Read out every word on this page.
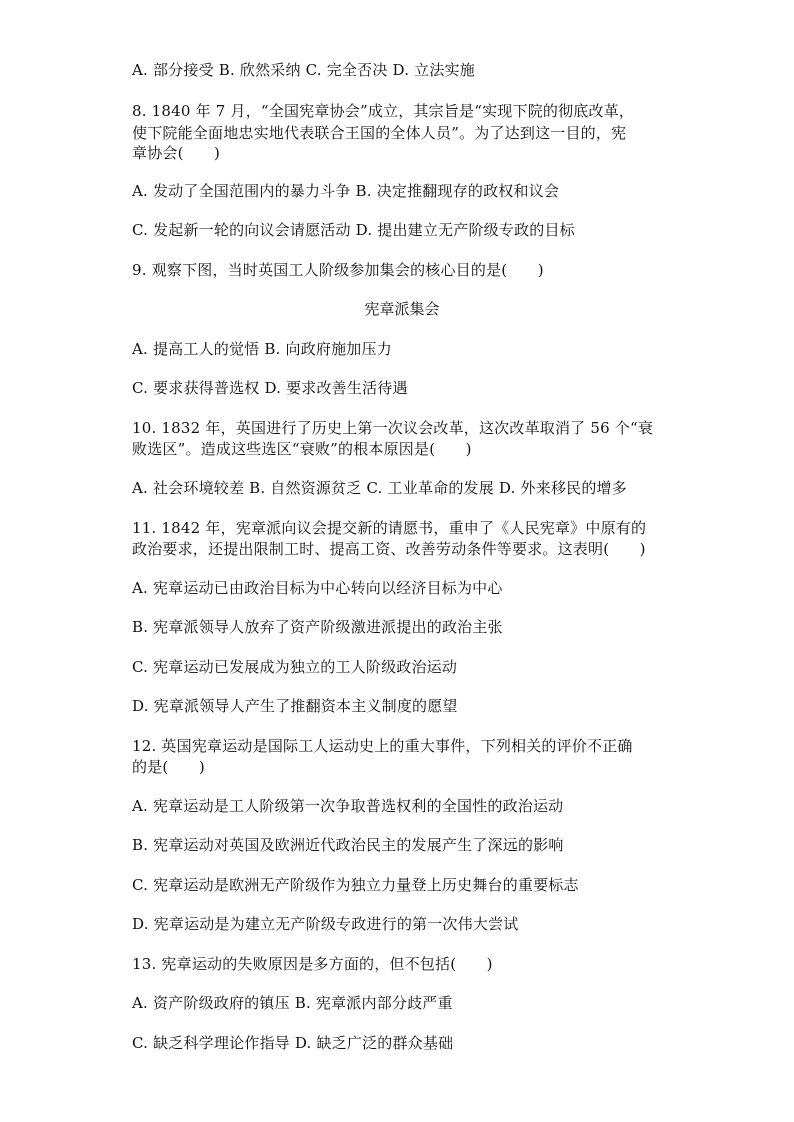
A. 部分接受 B. 欣然采纳 C. 完全否决 D. 立法实施
8. 1840 年 7 月，“全国宪章协会”成立，其宗旨是“实现下院的彻底改革，
使下院能全面地忠实地代表联合王国的全体人员”。为了达到这一目的，宪
章协会(　　)
A. 发动了全国范围内的暴力斗争 B. 决定推翻现存的政权和议会
C. 发起新一轮的向议会请愿活动 D. 提出建立无产阶级专政的目标
9. 观察下图，当时英国工人阶级参加集会的核心目的是(　　)
宪章派集会
A. 提高工人的觉悟 B. 向政府施加压力
C. 要求获得普选权 D. 要求改善生活待遇
10. 1832 年，英国进行了历史上第一次议会改革，这次改革取消了 56 个“衰
败选区”。造成这些选区“衰败”的根本原因是(　　)
A. 社会环境较差 B. 自然资源贫乏 C. 工业革命的发展 D. 外来移民的增多
11. 1842 年，宪章派向议会提交新的请愿书，重申了《人民宪章》中原有的
政治要求，还提出限制工时、提高工资、改善劳动条件等要求。这表明(　　)
A. 宪章运动已由政治目标为中心转向以经济目标为中心
B. 宪章派领导人放弃了资产阶级激进派提出的政治主张
C. 宪章运动已发展成为独立的工人阶级政治运动
D. 宪章派领导人产生了推翻资本主义制度的愿望
12. 英国宪章运动是国际工人运动史上的重大事件，下列相关的评价不正确
的是(　　)
A. 宪章运动是工人阶级第一次争取普选权利的全国性的政治运动
B. 宪章运动对英国及欧洲近代政治民主的发展产生了深远的影响
C. 宪章运动是欧洲无产阶级作为独立力量登上历史舞台的重要标志
D. 宪章运动是为建立无产阶级专政进行的第一次伟大尝试
13. 宪章运动的失败原因是多方面的，但不包括(　　)
A. 资产阶级政府的镇压 B. 宪章派内部分歧严重
C. 缺乏科学理论作指导 D. 缺乏广泛的群众基础
